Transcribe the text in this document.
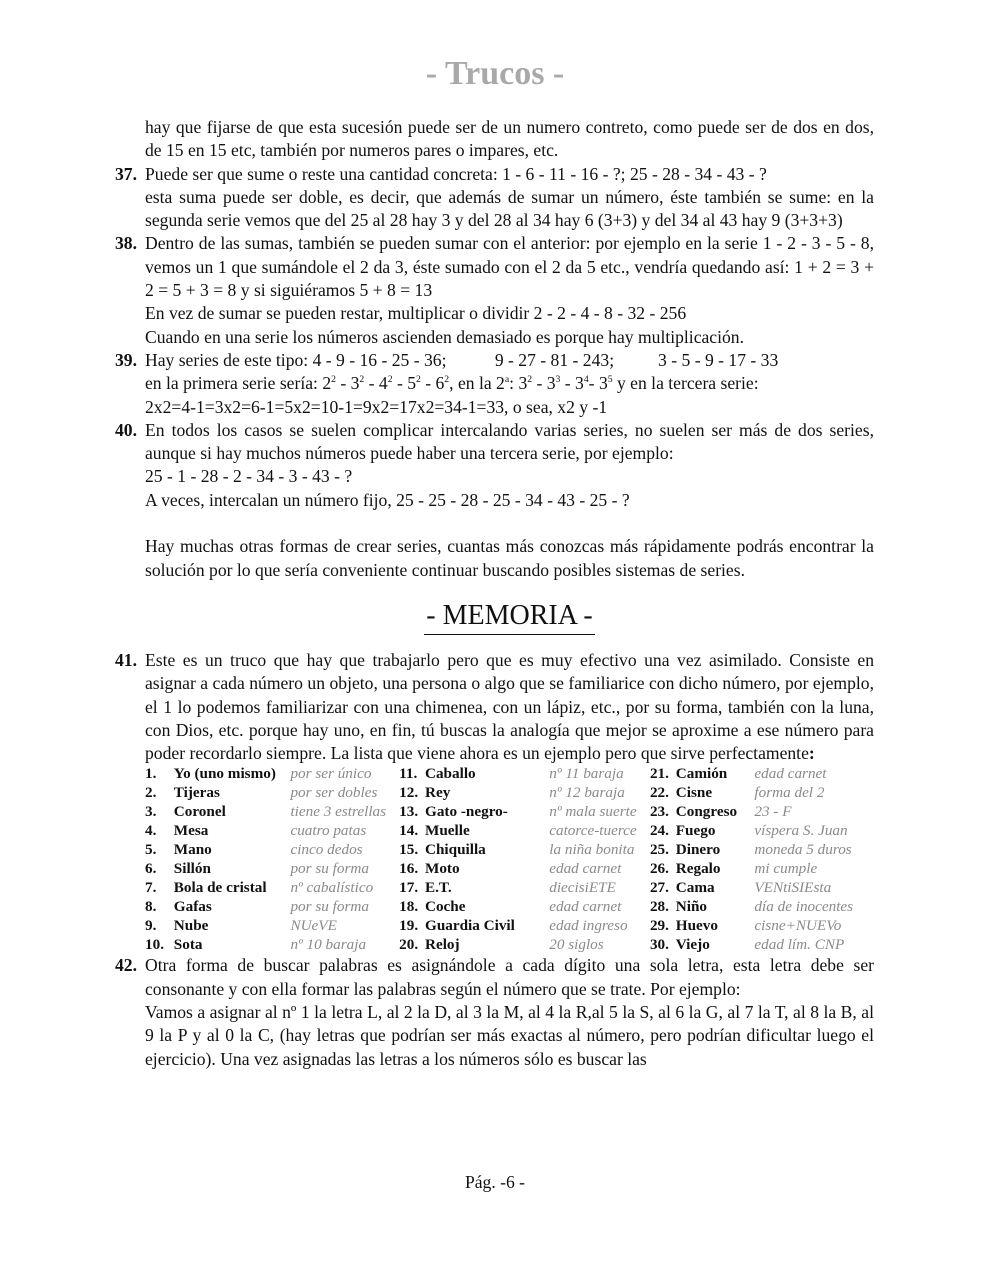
- Trucos -

hay que fijarse de que esta sucesión puede ser de un numero contreto, como puede ser de dos en dos, de 15 en 15 etc, también por numeros pares o impares, etc.

37. Puede ser que sume o reste una cantidad concreta: 1 - 6 - 11 - 16 - ?; 25 - 28 - 34 - 43 - ?

esta suma puede ser doble, es decir, que además de sumar un número, éste también se sume: en la segunda serie vemos que del 25 al 28 hay 3 y del 28 al 34 hay 6 (3+3) y del 34 al 43 hay 9 (3+3+3)

38. Dentro de las sumas, también se pueden sumar con el anterior: por ejemplo en la serie 1 - 2 - 3 - 5 - 8, vemos un 1 que sumándole el 2 da 3, éste sumado con el 2 da 5 etc., vendría quedando así: 1 + 2 = 3 + 2 = 5 + 3 = 8 y si siguiéramos 5 + 8 = 13

En vez de sumar se pueden restar, multiplicar o dividir 2 - 2 - 4 - 8 - 32 - 256

Cuando en una serie los números ascienden demasiado es porque hay multiplicación.

39. Hay series de este tipo: 4 - 9 - 16 - 25 - 36;           9 - 27 - 81 - 243;          3 - 5 - 9 - 17 - 33

en la primera serie sería: $2^2 - 3^2 - 4^2 - 5^2 - 6^2$, en la 2$^a$: $3^2 - 3^3 - 3^4-$ $3^5$ y en la tercera serie:

2x2=4-1=3x2=6-1=5x2=10-1=9x2=17x2=34-1=33, o sea, x2 y -1

40. En todos los casos se suelen complicar intercalando varias series, no suelen ser más de dos series, aunque si hay muchos números puede haber una tercera serie, por ejemplo:

25 - 1 - 28 - 2 - 34 - 3 - 43 - ?

A veces, intercalan un número fijo, 25 - 25 - 28 - 25 - 34 - 43 - 25 - ?

Hay muchas otras formas de crear series, cuantas más conozcas más rápidamente podrás encontrar la solución por lo que sería conveniente continuar buscando posibles sistemas de series.

- MEMORIA -
41. Este es un truco que hay que trabajarlo pero que es muy efectivo una vez asimilado. Consiste en asignar a cada número un objeto, una persona o algo que se familiarice con dicho número, por ejemplo, el 1 lo podemos familiarizar con una chimenea, con un lápiz, etc., por su forma, también con la luna, con Dios, etc. porque hay uno, en fin, tú buscas la analogía que mejor se aproxime a ese número para poder recordarlo siempre. La lista que viene ahora es un ejemplo pero que sirve perfectamente:

1.	Yo (uno mismo)	por ser único	11.	Caballo	nº 11 baraja	21.	Camión	edad carnet
2.	Tijeras	por ser dobles	12.	Rey	nº 12 baraja	22.	Cisne	forma del 2
3.	Coronel	tiene 3 estrellas	13.	Gato -negro-	nº mala suerte	23.	Congreso	23 - F
4.	Mesa	cuatro patas	14.	Muelle	catorce-tuerce	24.	Fuego	víspera S. Juan
5.	Mano	cinco dedos	15.	Chiquilla	la niña bonita	25.	Dinero	moneda 5 duros
6.	Sillón	por su forma	16.	Moto	edad carnet	26.	Regalo	mi cumple
7.	Bola de cristal	nº cabalístico	17.	E.T.	diecisiETE	27.	Cama	VENtiSIEsta
8.	Gafas	por su forma	18.	Coche	edad carnet	28.	Niño	día de inocentes
9.	Nube	NUeVE	19.	Guardia Civil	edad ingreso	29.	Huevo	cisne+NUEVo
10.	Sota	nº 10 baraja	20.	Reloj	20 siglos	30.	Viejo	edad lím. CNP
42. Otra forma de buscar palabras es asignándole a cada dígito una sola letra, esta letra debe ser consonante y con ella formar las palabras según el número que se trate. Por ejemplo:

Vamos a asignar al nº 1 la letra L, al 2 la D, al 3 la M, al 4 la R,al 5 la S, al 6 la G, al 7 la T, al 8 la B, al 9 la P y al 0 la C, (hay letras que podrían ser más exactas al número, pero podrían dificultar luego el ejercicio). Una vez asignadas las letras a los números sólo es buscar las

Pág. -6 -
